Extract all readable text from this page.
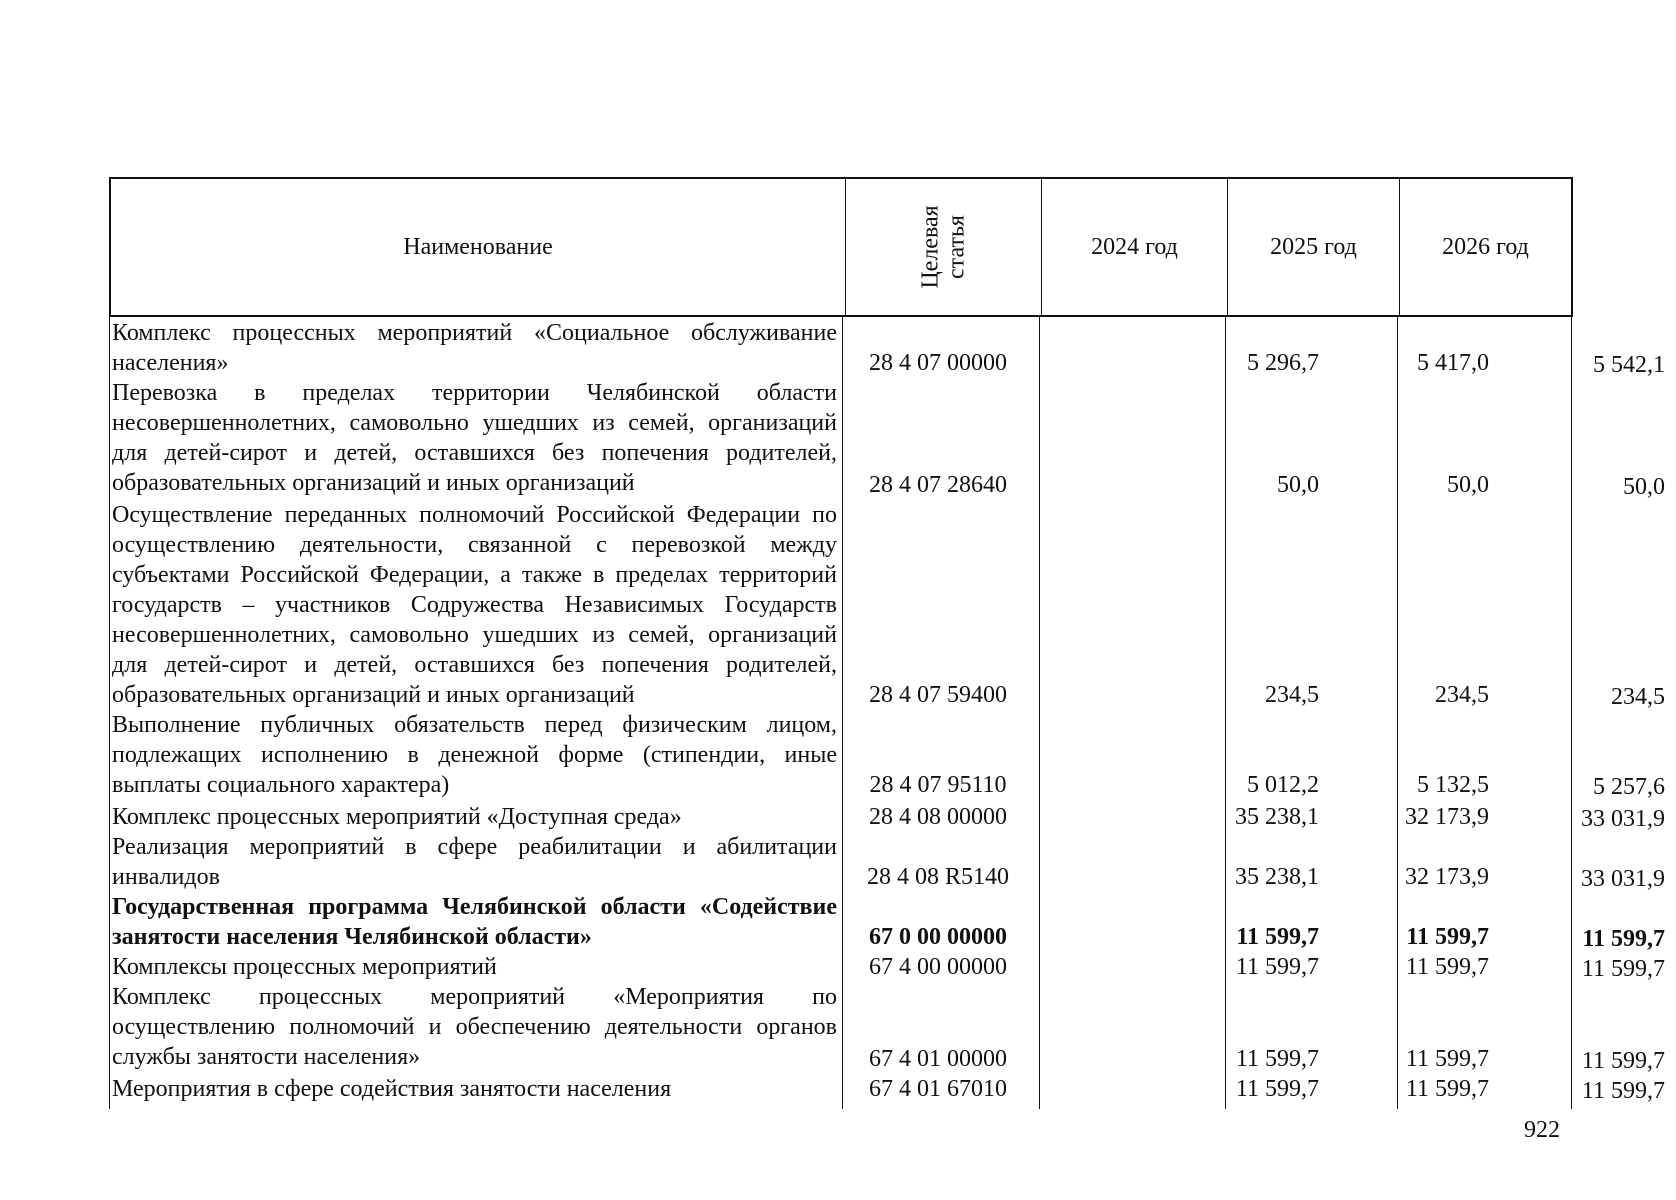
Наименование	Целевая статья	2024 год	2025 год	2026 год
Комплекс процессных мероприятий «Социальное обслуживание населения»	28 4 07 00000	5 296,7	5 417,0	5 542,1
Перевозка в пределах территории Челябинской области несовершеннолетних, самовольно ушедших из семей, организаций для детей-сирот и детей, оставшихся без попечения родителей, образовательных организаций и иных организаций	28 4 07 28640	50,0	50,0	50,0
Осуществление переданных полномочий Российской Федерации по осуществлению деятельности, связанной с перевозкой между субъектами Российской Федерации, а также в пределах территорий государств – участников Содружества Независимых Государств несовершеннолетних, самовольно ушедших из семей, организаций для детей-сирот и детей, оставшихся без попечения родителей, образовательных организаций и иных организаций	28 4 07 59400	234,5	234,5	234,5
Выполнение публичных обязательств перед физическим лицом, подлежащих исполнению в денежной форме (стипендии, иные выплаты социального характера)	28 4 07 95110	5 012,2	5 132,5	5 257,6
Комплекс процессных мероприятий «Доступная среда»	28 4 08 00000	35 238,1	32 173,9	33 031,9
Реализация мероприятий в сфере реабилитации и абилитации инвалидов	28 4 08 R5140	35 238,1	32 173,9	33 031,9
Государственная программа Челябинской области «Содействие занятости населения Челябинской области»	67 0 00 00000	11 599,7	11 599,7	11 599,7
Комплексы процессных мероприятий	67 4 00 00000	11 599,7	11 599,7	11 599,7
Комплекс процессных мероприятий «Мероприятия по осуществлению полномочий и обеспечению деятельности органов службы занятости населения»	67 4 01 00000	11 599,7	11 599,7	11 599,7
Мероприятия в сфере содействия занятости населения	67 4 01 67010	11 599,7	11 599,7	11 599,7
922
